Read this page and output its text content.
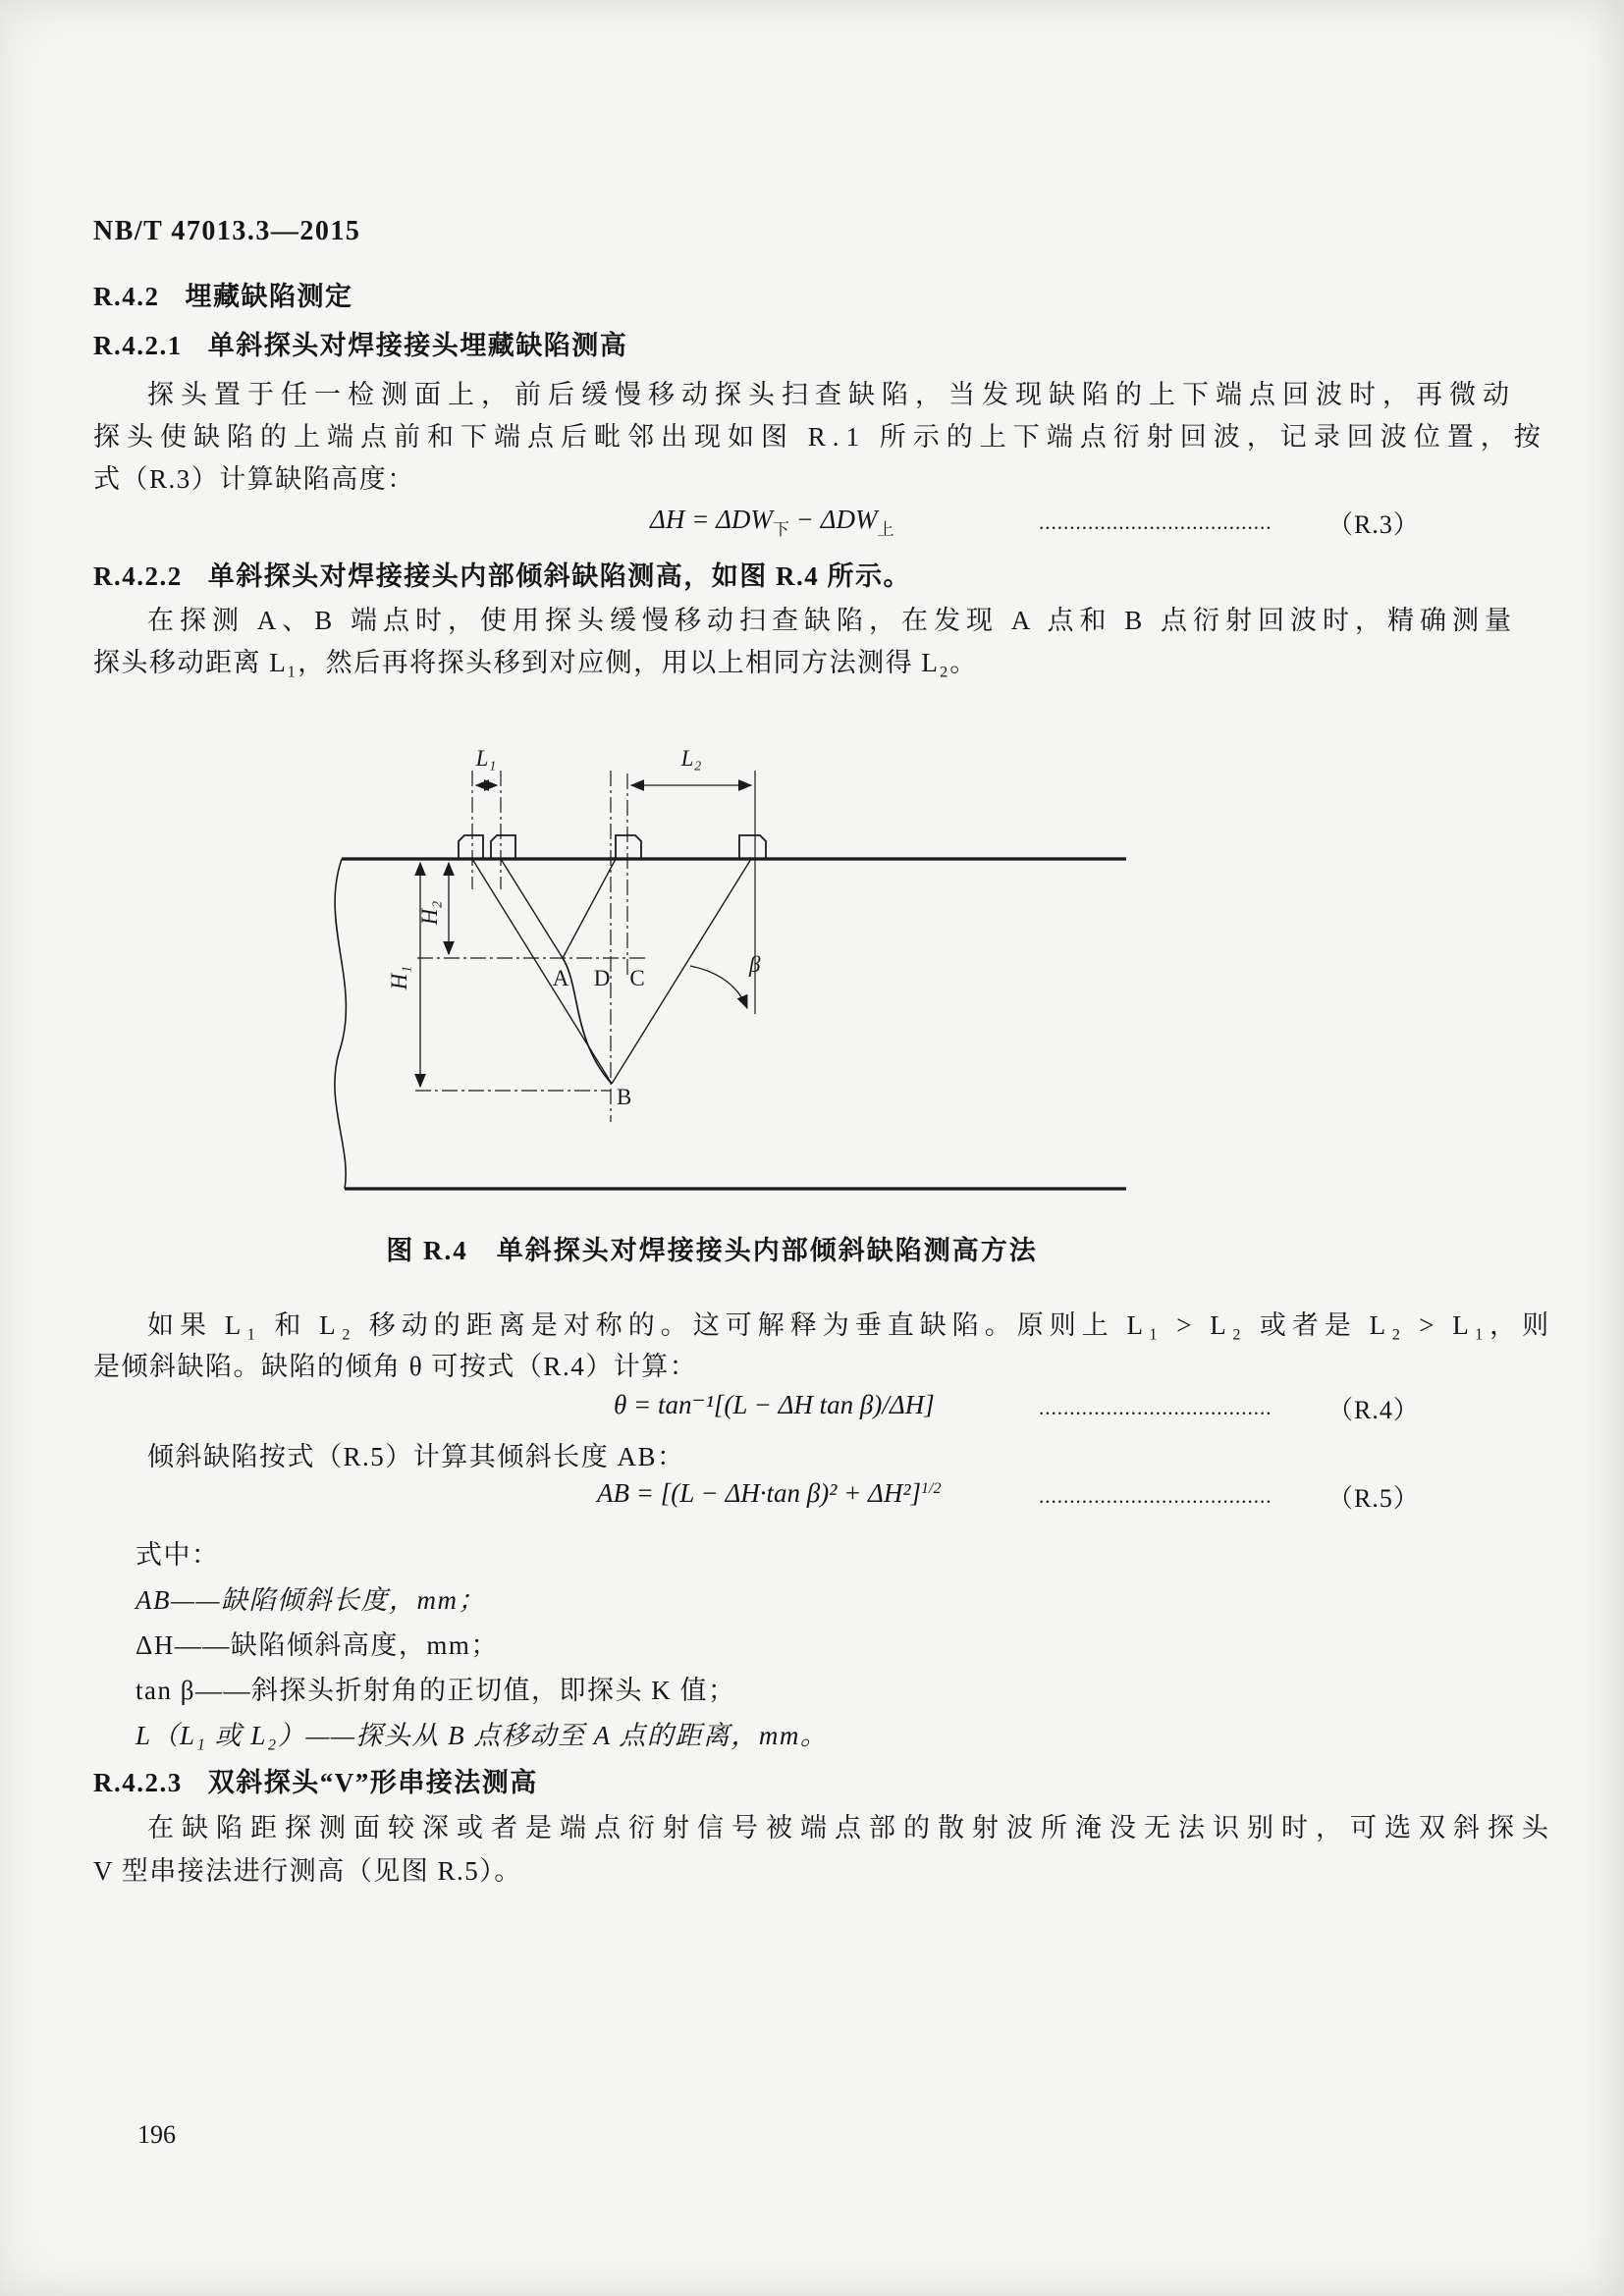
NB/T 47013.3—2015
R.4.2 埋藏缺陷测定
R.4.2.1 单斜探头对焊接接头埋藏缺陷测高
探头置于任一检测面上，前后缓慢移动探头扫查缺陷，当发现缺陷的上下端点回波时，再微动
探头使缺陷的上端点前和下端点后毗邻出现如图 R.1 所示的上下端点衍射回波，记录回波位置，按
式（R.3）计算缺陷高度：
$\Delta H = \Delta DW_下 - \Delta DW_上$	......................................	（R.3）
R.4.2.2 单斜探头对焊接接头内部倾斜缺陷测高，如图 R.4 所示。
在探测 A、B 端点时，使用探头缓慢移动扫查缺陷，在发现 A 点和 B 点衍射回波时，精确测量
探头移动距离 L₁，然后再将探头移到对应侧，用以上相同方法测得 L₂。
L₁	L₂
H₂
H₁	A D C
B
β
图 R.4　单斜探头对焊接接头内部倾斜缺陷测高方法
如果 L₁ 和 L₂ 移动的距离是对称的。这可解释为垂直缺陷。原则上 L₁ > L₂ 或者是 L₂ > L₁，则
是倾斜缺陷。缺陷的倾角 θ 可按式（R.4）计算：
θ = tan⁻¹[(L − ΔH tan β)/ΔH]	......................................	（R.4）
倾斜缺陷按式（R.5）计算其倾斜长度 AB：
AB = [(L − ΔH·tan β)² + ΔH²]$^{1/2}$	......................................	（R.5）
式中：
AB——缺陷倾斜长度，mm；
ΔH——缺陷倾斜高度，mm；
tan β——斜探头折射角的正切值，即探头 K 值；
L（L₁ 或 L₂）——探头从 B 点移动至 A 点的距离，mm。
R.4.2.3 双斜探头“V”形串接法测高
在缺陷距探测面较深或者是端点衍射信号被端点部的散射波所淹没无法识别时，可选双斜探头
V 型串接法进行测高（见图 R.5）。
196
